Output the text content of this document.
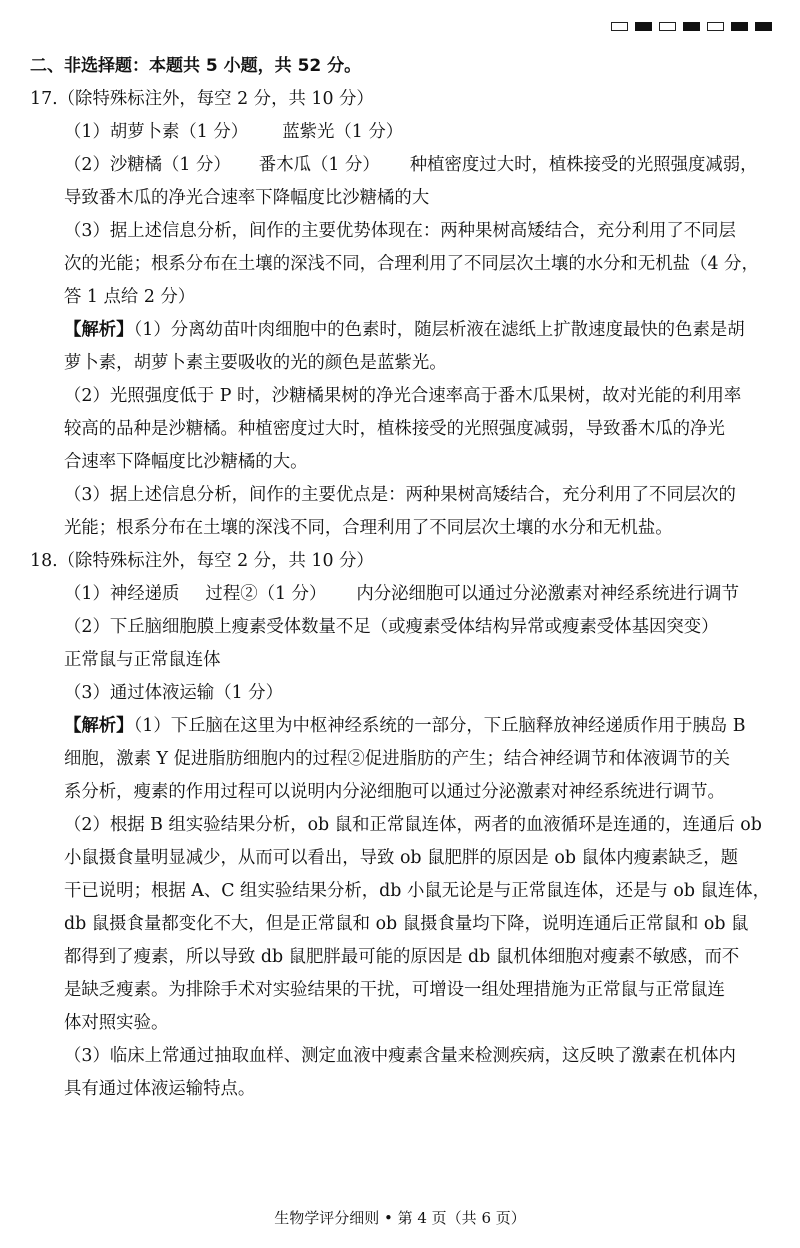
二、非选择题：本题共 5 小题，共 52 分。
17.（除特殊标注外，每空 2 分，共 10 分）
（1）胡萝卜素（1 分） 蓝紫光（1 分）
（2）沙糖橘（1 分） 番木瓜（1 分） 种植密度过大时，植株接受的光照强度减弱，
导致番木瓜的净光合速率下降幅度比沙糖橘的大
（3）据上述信息分析，间作的主要优势体现在：两种果树高矮结合，充分利用了不同层
次的光能；根系分布在土壤的深浅不同，合理利用了不同层次土壤的水分和无机盐（4 分，
答 1 点给 2 分）
【解析】（1）分离幼苗叶肉细胞中的色素时，随层析液在滤纸上扩散速度最快的色素是胡
萝卜素，胡萝卜素主要吸收的光的颜色是蓝紫光。
（2）光照强度低于 P 时，沙糖橘果树的净光合速率高于番木瓜果树，故对光能的利用率
较高的品种是沙糖橘。种植密度过大时，植株接受的光照强度减弱，导致番木瓜的净光
合速率下降幅度比沙糖橘的大。
（3）据上述信息分析，间作的主要优点是：两种果树高矮结合，充分利用了不同层次的
光能；根系分布在土壤的深浅不同，合理利用了不同层次土壤的水分和无机盐。
18.（除特殊标注外，每空 2 分，共 10 分）
（1）神经递质 过程②（1 分） 内分泌细胞可以通过分泌激素对神经系统进行调节
（2）下丘脑细胞膜上瘦素受体数量不足（或瘦素受体结构异常或瘦素受体基因突变）
正常鼠与正常鼠连体
（3）通过体液运输（1 分）
【解析】（1）下丘脑在这里为中枢神经系统的一部分，下丘脑释放神经递质作用于胰岛 B
细胞，激素 Y 促进脂肪细胞内的过程②促进脂肪的产生；结合神经调节和体液调节的关
系分析，瘦素的作用过程可以说明内分泌细胞可以通过分泌激素对神经系统进行调节。
（2）根据 B 组实验结果分析，ob 鼠和正常鼠连体，两者的血液循环是连通的，连通后 ob
小鼠摄食量明显减少，从而可以看出，导致 ob 鼠肥胖的原因是 ob 鼠体内瘦素缺乏，题
干已说明；根据 A、C 组实验结果分析，db 小鼠无论是与正常鼠连体，还是与 ob 鼠连体，
db 鼠摄食量都变化不大，但是正常鼠和 ob 鼠摄食量均下降，说明连通后正常鼠和 ob 鼠
都得到了瘦素，所以导致 db 鼠肥胖最可能的原因是 db 鼠机体细胞对瘦素不敏感，而不
是缺乏瘦素。为排除手术对实验结果的干扰，可增设一组处理措施为正常鼠与正常鼠连
体对照实验。
（3）临床上常通过抽取血样、测定血液中瘦素含量来检测疾病，这反映了激素在机体内
具有通过体液运输特点。
生物学评分细则 • 第 4 页（共 6 页）
